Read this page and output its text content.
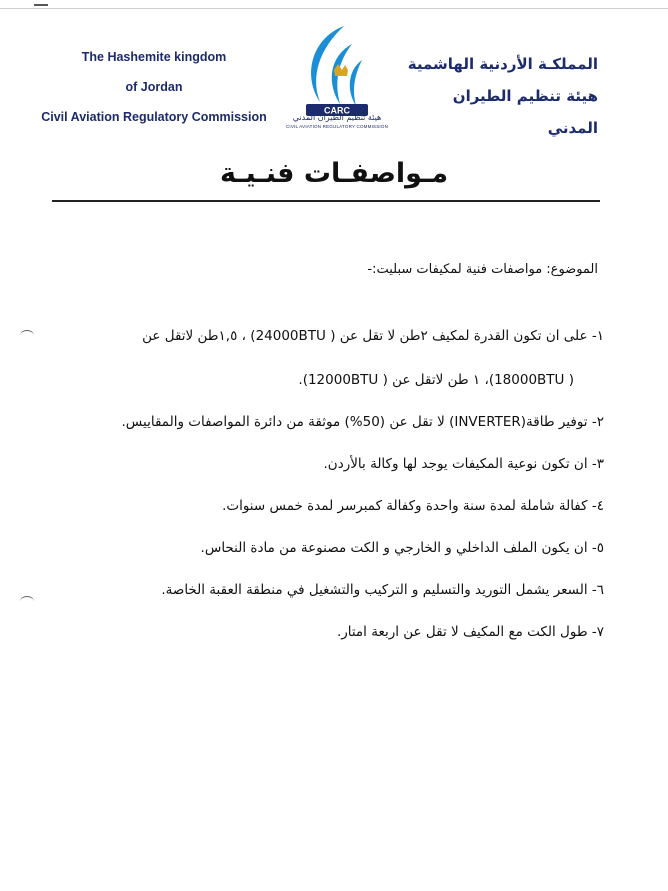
The Hashemite kingdom
of Jordan
Civil Aviation Regulatory Commission	CARC
هيئة تنظيم الطيران المدني
CIVIL AVIATION REGULATORY COMMISSION
المملكـة الأردنية الهاشمية
هيئة تنظيم الطيران المدني
مـواصفـات فنـيـة
الموضوع: مواصفات فنية لمكيفات سبليت:-
١- على ان تكون القدرة لمكيف ٢طن لا تقل عن ( 24000BTU) ، ١,٥طن لاتقل عن
( 18000BTU)، ١ طن لاتقل عن ( 12000BTU).
٢- توفير طاقة(INVERTER) لا تقل عن (50%) موثقة من دائرة المواصفات والمقاييس.
٣- ان تكون نوعية المكيفات يوجد لها وكالة بالأردن.
٤- كفالة شاملة لمدة سنة واحدة وكفالة كمبرسر لمدة خمس سنوات.
٥- ان يكون الملف الداخلي و الخارجي و الكت مصنوعة من مادة النحاس.
٦- السعر يشمل التوريد والتسليم و التركيب والتشغيل في منطقة العقبة الخاصة.
٧- طول الكت مع المكيف لا تقل عن اربعة امتار.
